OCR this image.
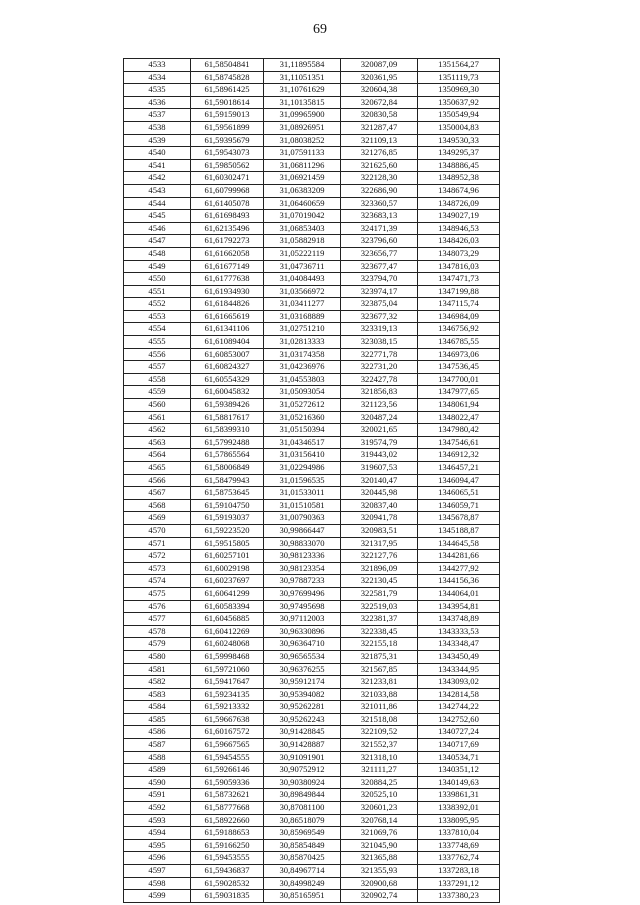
69
4533	61,58504841	31,11895584	320087,09	1351564,27
4534	61,58745828	31,11051351	320361,95	1351119,73
4535	61,58961425	31,10761629	320604,38	1350969,30
4536	61,59018614	31,10135815	320672,84	1350637,92
4537	61,59159013	31,09965900	320830,58	1350549,94
4538	61,59561899	31,08926951	321287,47	1350004,83
4539	61,59395679	31,08038252	321109,13	1349530,33
4540	61,59543073	31,07591133	321276,85	1349295,37
4541	61,59850562	31,06811296	321625,60	1348886,45
4542	61,60302471	31,06921459	322128,30	1348952,38
4543	61,60799968	31,06383209	322686,90	1348674,96
4544	61,61405078	31,06460659	323360,57	1348726,09
4545	61,61698493	31,07019042	323683,13	1349027,19
4546	61,62135496	31,06853403	324171,39	1348946,53
4547	61,61792273	31,05882918	323796,60	1348426,03
4548	61,61662058	31,05222119	323656,77	1348073,29
4549	61,61677149	31,04736711	323677,47	1347816,03
4550	61,61777638	31,04084493	323794,70	1347471,73
4551	61,61934930	31,03566972	323974,17	1347199,88
4552	61,61844826	31,03411277	323875,04	1347115,74
4553	61,61665619	31,03168889	323677,32	1346984,09
4554	61,61341106	31,02751210	323319,13	1346756,92
4555	61,61089404	31,02813333	323038,15	1346785,55
4556	61,60853007	31,03174358	322771,78	1346973,06
4557	61,60824327	31,04236976	322731,20	1347536,45
4558	61,60554329	31,04553803	322427,78	1347700,01
4559	61,60045832	31,05093054	321856,83	1347977,65
4560	61,59389426	31,05272612	321123,56	1348061,94
4561	61,58817617	31,05216360	320487,24	1348022,47
4562	61,58399310	31,05150394	320021,65	1347980,42
4563	61,57992488	31,04346517	319574,79	1347546,61
4564	61,57865564	31,03156410	319443,02	1346912,32
4565	61,58006849	31,02294986	319607,53	1346457,21
4566	61,58479943	31,01596535	320140,47	1346094,47
4567	61,58753645	31,01533011	320445,98	1346065,51
4568	61,59104750	31,01510581	320837,40	1346059,71
4569	61,59193037	31,00790363	320941,78	1345678,87
4570	61,59223520	30,99866447	320983,51	1345188,87
4571	61,59515805	30,98833070	321317,95	1344645,58
4572	61,60257101	30,98123336	322127,76	1344281,66
4573	61,60029198	30,98123354	321896,09	1344277,92
4574	61,60237697	30,97887233	322130,45	1344156,36
4575	61,60641299	30,97699496	322581,79	1344064,01
4576	61,60583394	30,97495698	322519,03	1343954,81
4577	61,60456885	30,97112003	322381,37	1343748,89
4578	61,60412269	30,96330896	322338,45	1343333,53
4579	61,60248068	30,96364710	322155,18	1343348,47
4580	61,59998468	30,96565534	321875,31	1343450,49
4581	61,59721060	30,96376255	321567,85	1343344,95
4582	61,59417647	30,95912174	321233,81	1343093,02
4583	61,59234135	30,95394082	321033,88	1342814,58
4584	61,59213332	30,95262281	321011,86	1342744,22
4585	61,59667638	30,95262243	321518,08	1342752,60
4586	61,60167572	30,91428845	322109,52	1340727,24
4587	61,59667565	30,91428887	321552,37	1340717,69
4588	61,59454555	30,91091901	321318,10	1340534,71
4589	61,59266146	30,90752912	321111,27	1340351,12
4590	61,59059336	30,90380924	320884,25	1340149,63
4591	61,58732621	30,89849844	320525,10	1339861,31
4592	61,58777668	30,87081100	320601,23	1338392,01
4593	61,58922660	30,86518079	320768,14	1338095,95
4594	61,59188653	30,85969549	321069,76	1337810,04
4595	61,59166250	30,85854849	321045,90	1337748,69
4596	61,59453555	30,85870425	321365,88	1337762,74
4597	61,59436837	30,84967714	321355,93	1337283,18
4598	61,59028532	30,84998249	320900,68	1337291,12
4599	61,59031835	30,85165951	320902,74	1337380,23
